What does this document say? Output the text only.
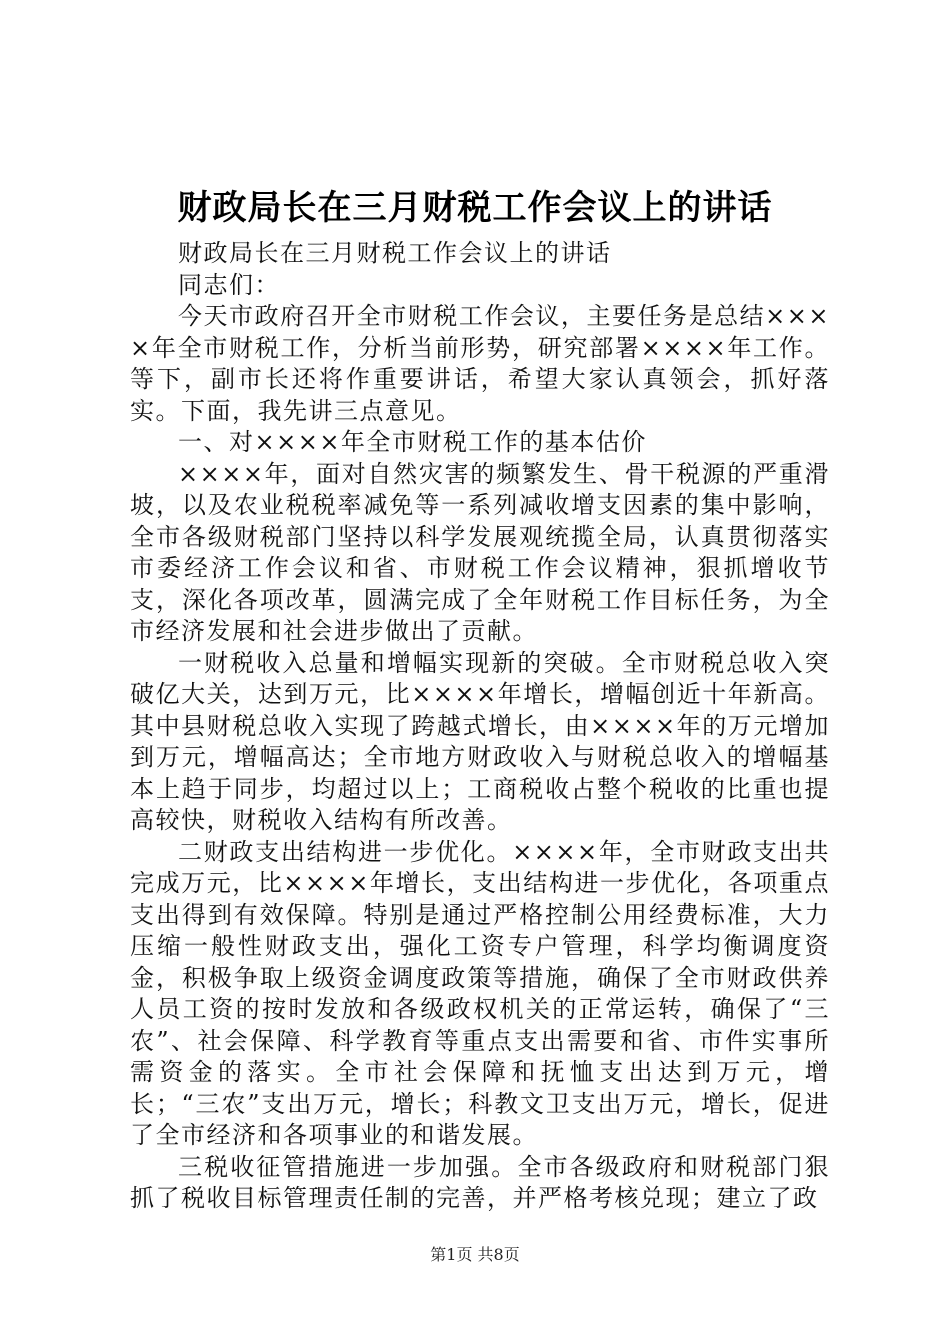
财政局长在三月财税工作会议上的讲话

财政局长在三月财税工作会议上的讲话

同志们：

今天市政府召开全市财税工作会议，主要任务是总结××××年全市财税工作，分析当前形势，研究部署××××年工作。等下，副市长还将作重要讲话，希望大家认真领会，抓好落实。下面，我先讲三点意见。

一、对××××年全市财税工作的基本估价

××××年，面对自然灾害的频繁发生、骨干税源的严重滑坡，以及农业税税率减免等一系列减收增支因素的集中影响，全市各级财税部门坚持以科学发展观统揽全局，认真贯彻落实市委经济工作会议和省、市财税工作会议精神，狠抓增收节支，深化各项改革，圆满完成了全年财税工作目标任务，为全市经济发展和社会进步做出了贡献。

一财税收入总量和增幅实现新的突破。全市财税总收入突破亿大关，达到万元，比××××年增长，增幅创近十年新高。其中县财税总收入实现了跨越式增长，由××××年的万元增加到万元，增幅高达；全市地方财政收入与财税总收入的增幅基本上趋于同步，均超过以上；工商税收占整个税收的比重也提高较快，财税收入结构有所改善。

二财政支出结构进一步优化。××××年，全市财政支出共完成万元，比××××年增长，支出结构进一步优化，各项重点支出得到有效保障。特别是通过严格控制公用经费标准，大力压缩一般性财政支出，强化工资专户管理，科学均衡调度资金，积极争取上级资金调度政策等措施，确保了全市财政供养人员工资的按时发放和各级政权机关的正常运转，确保了“三农”、社会保障、科学教育等重点支出需要和省、市件实事所需资金的落实。全市社会保障和抚恤支出达到万元，增长；“三农”支出万元，增长；科教文卫支出万元，增长，促进了全市经济和各项事业的和谐发展。

三税收征管措施进一步加强。全市各级政府和财税部门狠抓了税收目标管理责任制的完善，并严格考核兑现；建立了政

第1页 共8页
